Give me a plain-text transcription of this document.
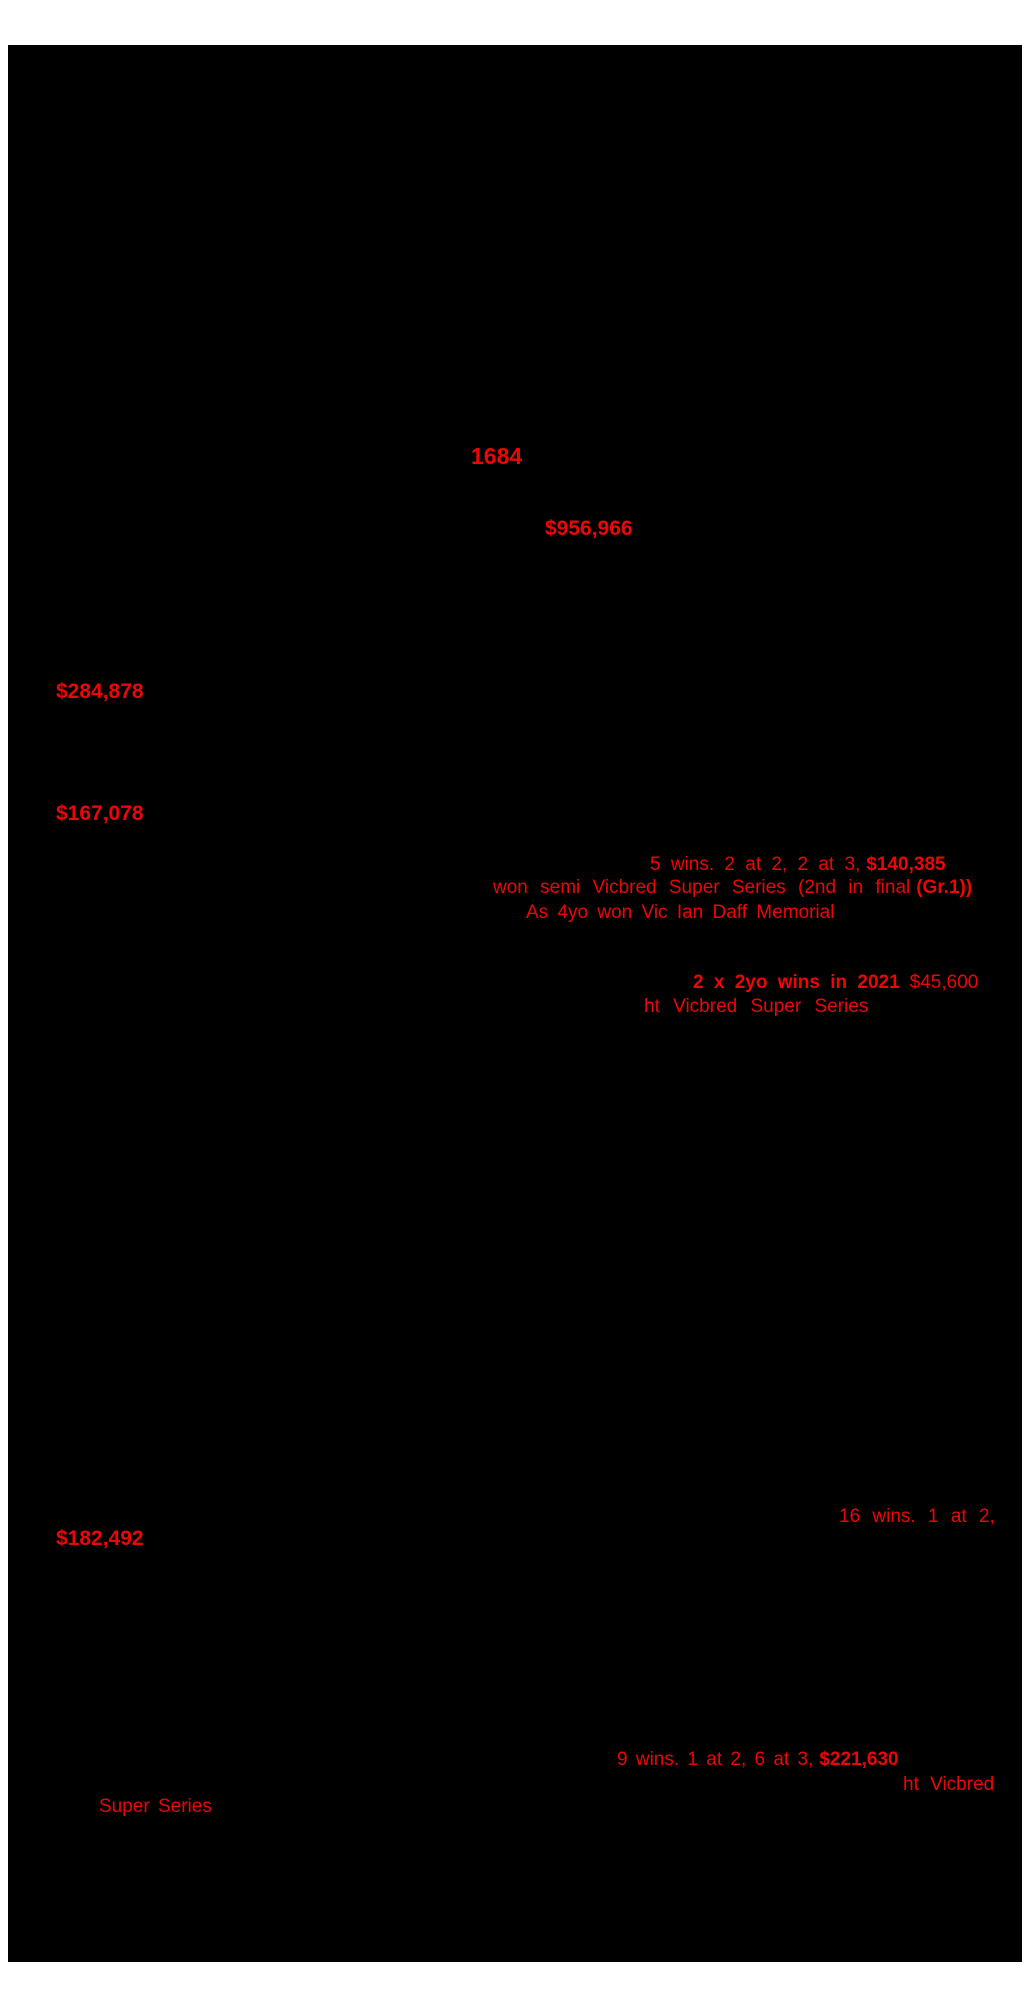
1684
$956,966
$284,878
$167,078
5 wins. 2 at 2, 2 at 3, $140,385
won semi Vicbred Super Series (2nd in final (Gr.1))
As 4yo won Vic Ian Daff Memorial
2 x 2yo wins in 2021 $45,600
ht Vicbred Super Series
16 wins. 1 at 2,
$182,492
9 wins. 1 at 2, 6 at 3, $221,630
ht Vicbred
Super Series
